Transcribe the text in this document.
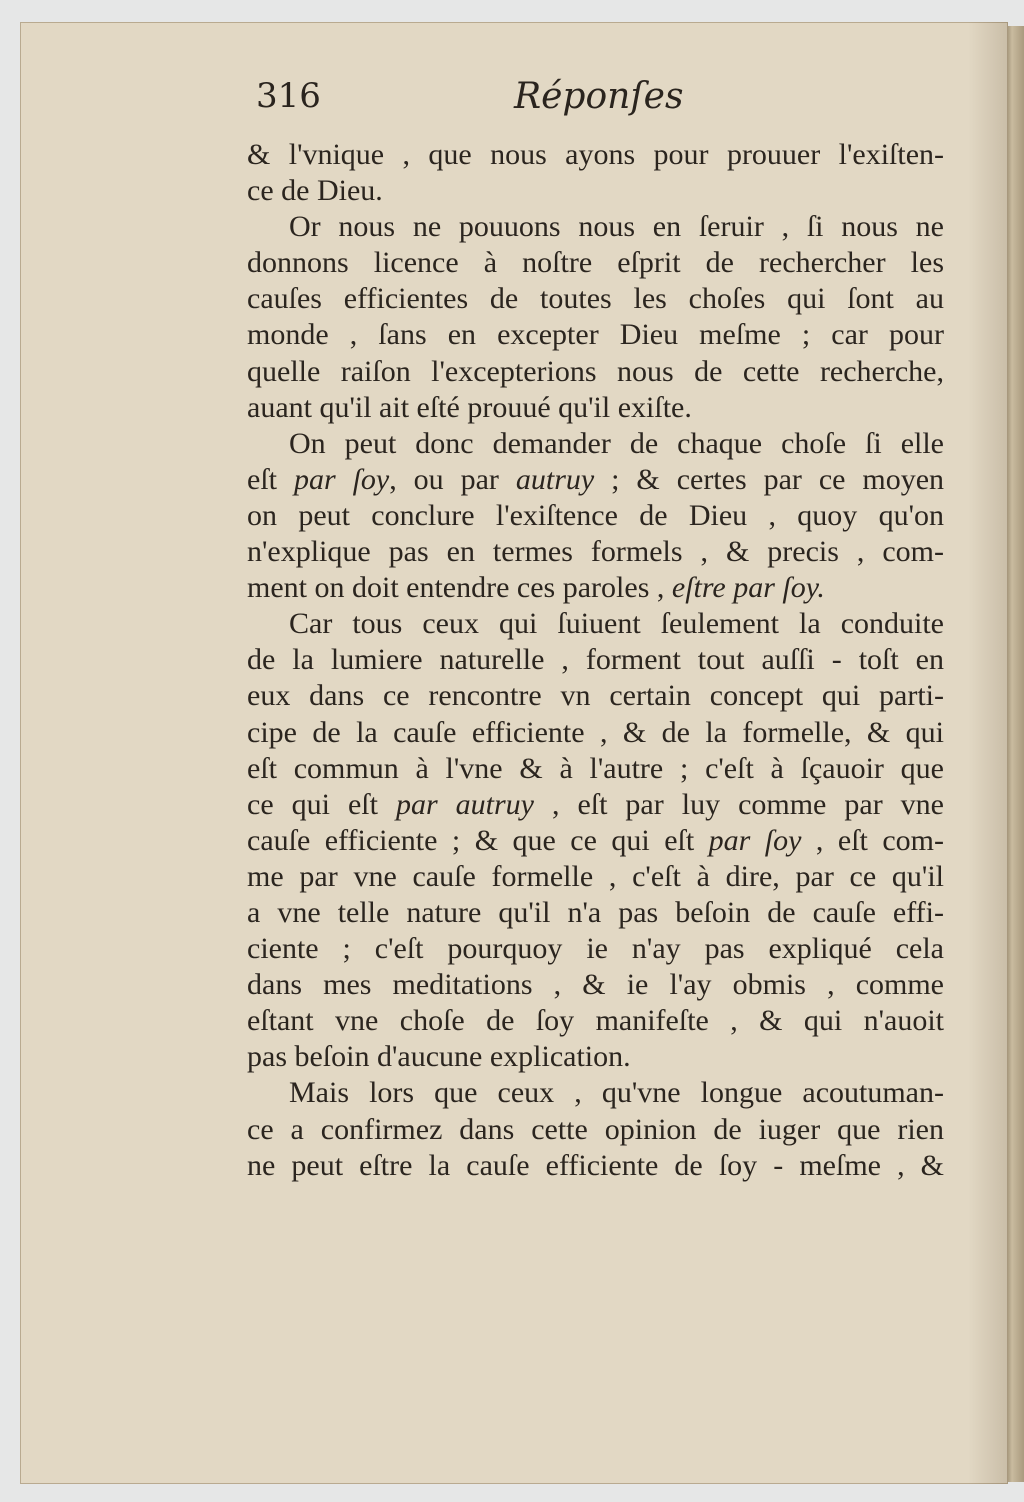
316	Réponſes
& l'vnique , que nous ayons pour prouuer l'exiſten-
ce de Dieu.
Or nous ne pouuons nous en ſeruir , ſi nous ne
donnons licence à noſtre eſprit de rechercher les
cauſes efficientes de toutes les choſes qui ſont au
monde , ſans en excepter Dieu meſme ; car pour
quelle raiſon l'excepterions nous de cette recherche,
auant qu'il ait eſté prouué qu'il exiſte.
On peut donc demander de chaque choſe ſi elle
eſt par ſoy, ou par autruy ; & certes par ce moyen
on peut conclure l'exiſtence de Dieu , quoy qu'on
n'explique pas en termes formels , & precis , com-
ment on doit entendre ces paroles , eſtre par ſoy.
Car tous ceux qui ſuiuent ſeulement la conduite
de la lumiere naturelle , forment tout auſſi - toſt en
eux dans ce rencontre vn certain concept qui parti-
cipe de la cauſe efficiente , & de la formelle, & qui
eſt commun à l'vne & à l'autre ; c'eſt à ſçauoir que
ce qui eſt par autruy , eſt par luy comme par vne
cauſe efficiente ; & que ce qui eſt par ſoy , eſt com-
me par vne cauſe formelle , c'eſt à dire, par ce qu'il
a vne telle nature qu'il n'a pas beſoin de cauſe effi-
ciente ; c'eſt pourquoy ie n'ay pas expliqué cela
dans mes meditations , & ie l'ay obmis , comme
eſtant vne choſe de ſoy manifeſte , & qui n'auoit
pas beſoin d'aucune explication.
Mais lors que ceux , qu'vne longue acoutuman-
ce a confirmez dans cette opinion de iuger que rien
ne peut eſtre la cauſe efficiente de ſoy - meſme , &
